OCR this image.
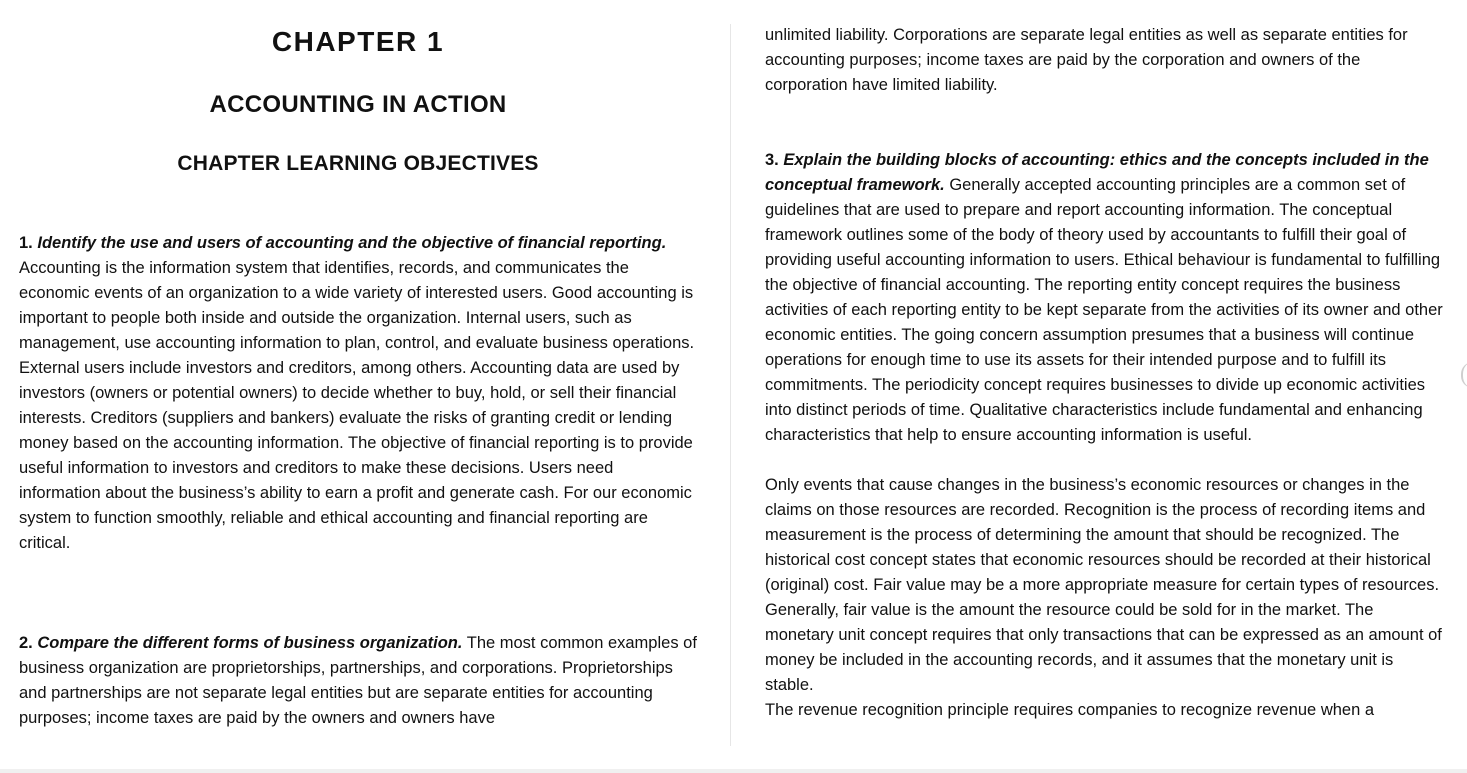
CHAPTER 1
ACCOUNTING IN ACTION
CHAPTER LEARNING OBJECTIVES

1. Identify the use and users of accounting and the objective of financial reporting. Accounting is the information system that identifies, records, and communicates the economic events of an organization to a wide variety of interested users. Good accounting is important to people both inside and outside the organization. Internal users, such as management, use accounting information to plan, control, and evaluate business operations. External users include investors and creditors, among others. Accounting data are used by investors (owners or potential owners) to decide whether to buy, hold, or sell their financial interests. Creditors (suppliers and bankers) evaluate the risks of granting credit or lending money based on the accounting information. The objective of financial reporting is to provide useful information to investors and creditors to make these decisions. Users need information about the business’s ability to earn a profit and generate cash. For our economic system to function smoothly, reliable and ethical accounting and financial reporting are critical.

2. Compare the different forms of business organization. The most common examples of business organization are proprietorships, partnerships, and corporations. Proprietorships and partnerships are not separate legal entities but are separate entities for accounting purposes; income taxes are paid by the owners and owners have

unlimited liability. Corporations are separate legal entities as well as separate entities for accounting purposes; income taxes are paid by the corporation and owners of the corporation have limited liability.

3. Explain the building blocks of accounting: ethics and the concepts included in the conceptual framework. Generally accepted accounting principles are a common set of guidelines that are used to prepare and report accounting information. The conceptual framework outlines some of the body of theory used by accountants to fulfill their goal of providing useful accounting information to users. Ethical behaviour is fundamental to fulfilling the objective of financial accounting. The reporting entity concept requires the business activities of each reporting entity to be kept separate from the activities of its owner and other economic entities. The going concern assumption presumes that a business will continue operations for enough time to use its assets for their intended purpose and to fulfill its commitments. The periodicity concept requires businesses to divide up economic activities into distinct periods of time. Qualitative characteristics include fundamental and enhancing characteristics that help to ensure accounting information is useful.

Only events that cause changes in the business’s economic resources or changes in the claims on those resources are recorded. Recognition is the process of recording items and measurement is the process of determining the amount that should be recognized. The historical cost concept states that economic resources should be recorded at their historical (original) cost. Fair value may be a more appropriate measure for certain types of resources. Generally, fair value is the amount the resource could be sold for in the market. The monetary unit concept requires that only transactions that can be expressed as an amount of money be included in the accounting records, and it assumes that the monetary unit is stable.

The revenue recognition principle requires companies to recognize revenue when a
